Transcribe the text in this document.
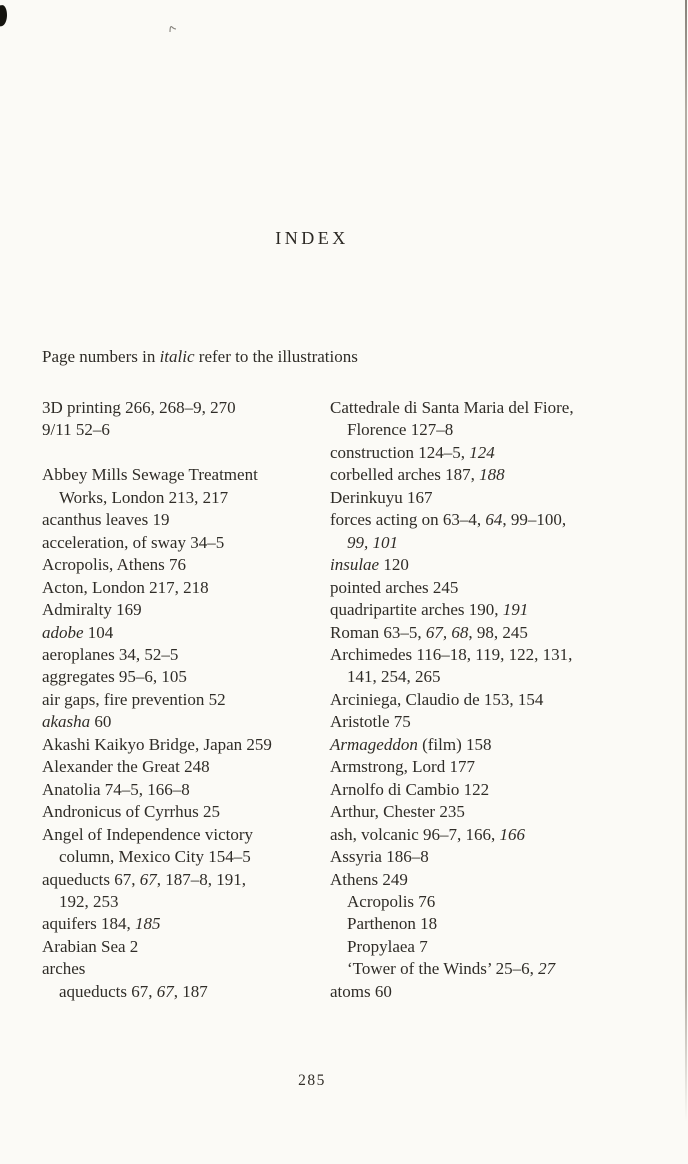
INDEX

Page numbers in italic refer to the illustrations

3D printing 266, 268–9, 270
9/11 52–6

Abbey Mills Sewage Treatment
Works, London 213, 217
acanthus leaves 19
acceleration, of sway 34–5
Acropolis, Athens 76
Acton, London 217, 218
Admiralty 169
adobe 104
aeroplanes 34, 52–5
aggregates 95–6, 105
air gaps, fire prevention 52
akasha 60
Akashi Kaikyo Bridge, Japan 259
Alexander the Great 248
Anatolia 74–5, 166–8
Andronicus of Cyrrhus 25
Angel of Independence victory
column, Mexico City 154–5
aqueducts 67, 67, 187–8, 191,
192, 253
aquifers 184, 185
Arabian Sea 2
arches
aqueducts 67, 67, 187
Cattedrale di Santa Maria del Fiore,
Florence 127–8
construction 124–5, 124
corbelled arches 187, 188
Derinkuyu 167
forces acting on 63–4, 64, 99–100,
99, 101
insulae 120
pointed arches 245
quadripartite arches 190, 191
Roman 63–5, 67, 68, 98, 245
Archimedes 116–18, 119, 122, 131,
141, 254, 265
Arciniega, Claudio de 153, 154
Aristotle 75
Armageddon (film) 158
Armstrong, Lord 177
Arnolfo di Cambio 122
Arthur, Chester 235
ash, volcanic 96–7, 166, 166
Assyria 186–8
Athens 249
Acropolis 76
Parthenon 18
Propylaea 7
‘Tower of the Winds’ 25–6, 27
atoms 60
285
